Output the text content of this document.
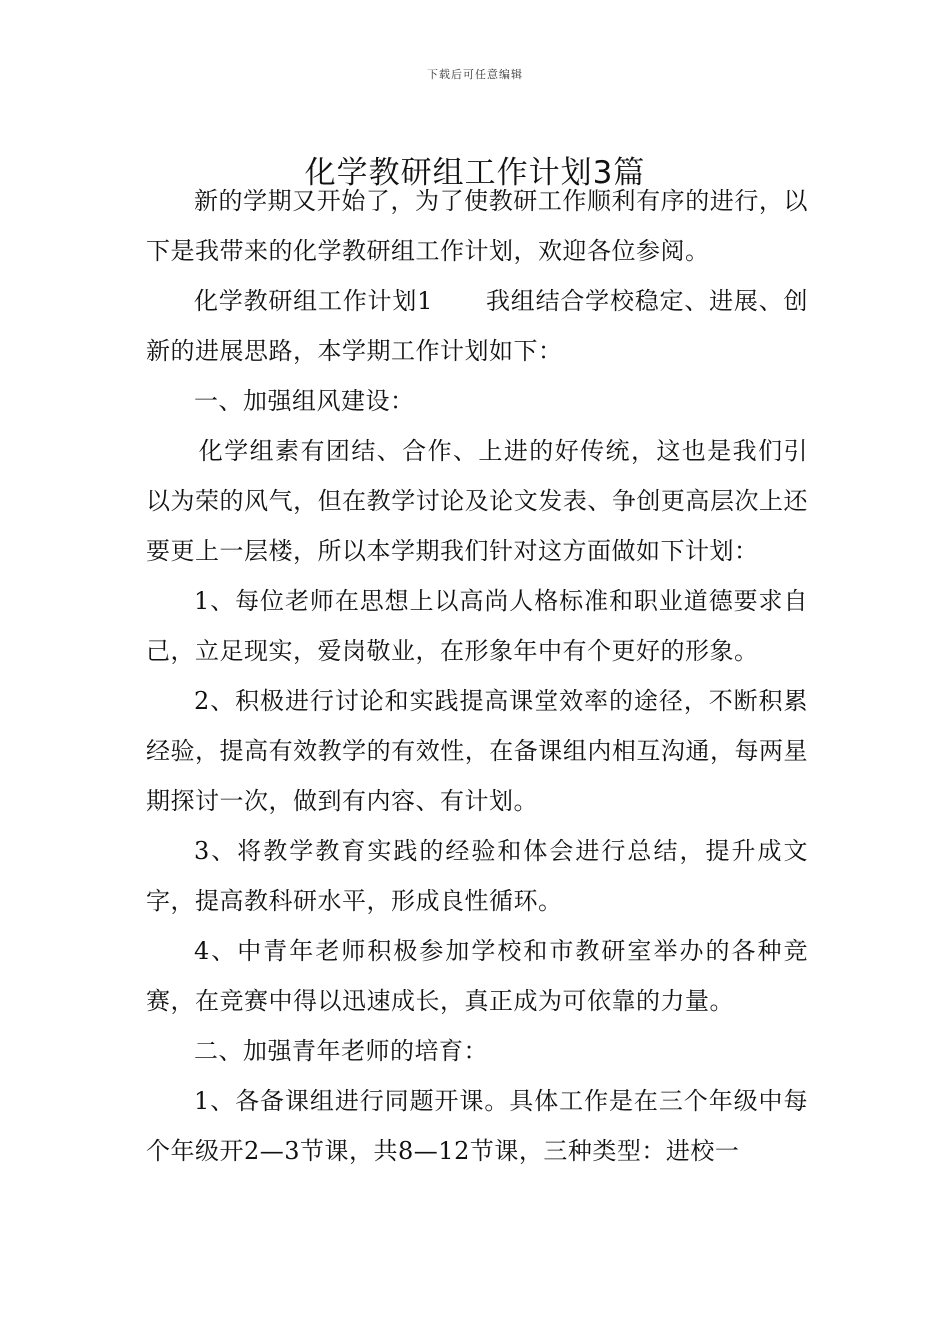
下载后可任意编辑
化学教研组工作计划3篇

新的学期又开始了，为了使教研工作顺利有序的进行，以下是我带来的化学教研组工作计划，欢迎各位参阅。

化学教研组工作计划1 我组结合学校稳定、进展、创新的进展思路，本学期工作计划如下：

一、加强组风建设：

化学组素有团结、合作、上进的好传统，这也是我们引以为荣的风气，但在教学讨论及论文发表、争创更高层次上还要更上一层楼，所以本学期我们针对这方面做如下计划：

1、每位老师在思想上以高尚人格标准和职业道德要求自己，立足现实，爱岗敬业，在形象年中有个更好的形象。

2、积极进行讨论和实践提高课堂效率的途径，不断积累经验，提高有效教学的有效性，在备课组内相互沟通，每两星期探讨一次，做到有内容、有计划。

3、将教学教育实践的经验和体会进行总结，提升成文字，提高教科研水平，形成良性循环。

4、中青年老师积极参加学校和市教研室举办的各种竞赛，在竞赛中得以迅速成长，真正成为可依靠的力量。

二、加强青年老师的培育：

1、各备课组进行同题开课。具体工作是在三个年级中每个年级开2—3节课，共8—12节课，三种类型：进校一
